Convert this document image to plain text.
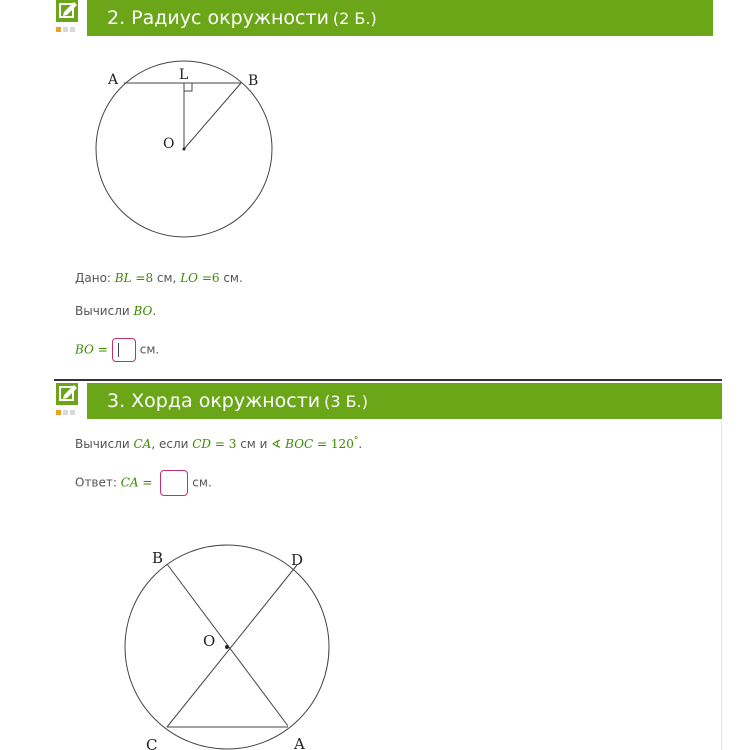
2. Радиус окружности (2 Б.)
A	L	B
O
Дано: BL =8 см, LO =6 см.
Вычисли BO.
BO =	см.
3. Хорда окружности (3 Б.)
Вычисли CA, если CD = 3 см и ∢ BOC = 120°.
Ответ: CA =	см.
B	D
O
C	A
